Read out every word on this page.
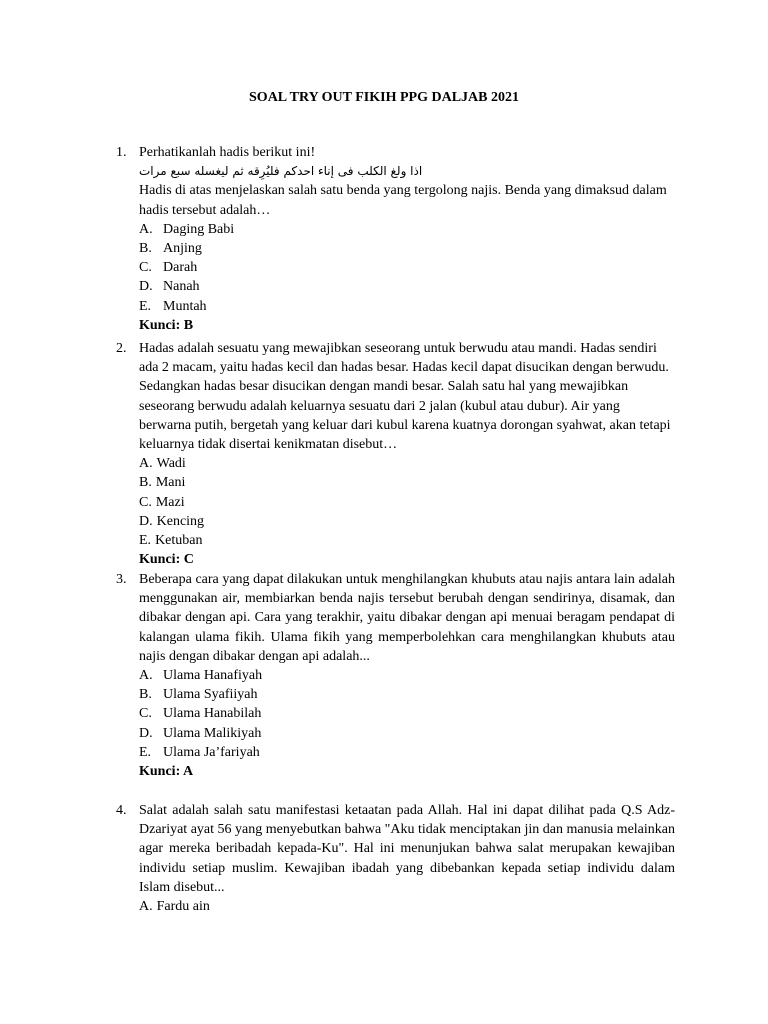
SOAL TRY OUT FIKIH PPG DALJAB 2021
1. Perhatikanlah hadis berikut ini!

اذا ولغ الكلب فى إناء احدكم فليُرِقه ثم ليغسله سبع مرات

Hadis di atas menjelaskan salah satu benda yang tergolong najis. Benda yang dimaksud dalam hadis tersebut adalah…

A. Daging Babi
B. Anjing
C. Darah
D. Nanah
E. Muntah
Kunci: B
2. Hadas adalah sesuatu yang mewajibkan seseorang untuk berwudu atau mandi. Hadas sendiri ada 2 macam, yaitu hadas kecil dan hadas besar. Hadas kecil dapat disucikan dengan berwudu. Sedangkan hadas besar disucikan dengan mandi besar. Salah satu hal yang mewajibkan seseorang berwudu adalah keluarnya sesuatu dari 2 jalan (kubul atau dubur). Air yang berwarna putih, bergetah yang keluar dari kubul karena kuatnya dorongan syahwat, akan tetapi keluarnya tidak disertai kenikmatan disebut…

A. Wadi
B. Mani
C. Mazi
D. Kencing
E. Ketuban
Kunci: C
3. Beberapa cara yang dapat dilakukan untuk menghilangkan khubuts atau najis antara lain adalah menggunakan air, membiarkan benda najis tersebut berubah dengan sendirinya, disamak, dan dibakar dengan api. Cara yang terakhir, yaitu dibakar dengan api menuai beragam pendapat di kalangan ulama fikih. Ulama fikih yang memperbolehkan cara menghilangkan khubuts atau najis dengan dibakar dengan api adalah...

A. Ulama Hanafiyah
B. Ulama Syafiiyah
C. Ulama Hanabilah
D. Ulama Malikiyah
E. Ulama Ja’fariyah
Kunci: A
4. Salat adalah salah satu manifestasi ketaatan pada Allah. Hal ini dapat dilihat pada Q.S Adz-Dzariyat ayat 56 yang menyebutkan bahwa "Aku tidak menciptakan jin dan manusia melainkan agar mereka beribadah kepada-Ku". Hal ini menunjukan bahwa salat merupakan kewajiban individu setiap muslim. Kewajiban ibadah yang dibebankan kepada setiap individu dalam Islam disebut...

A. Fardu ain
